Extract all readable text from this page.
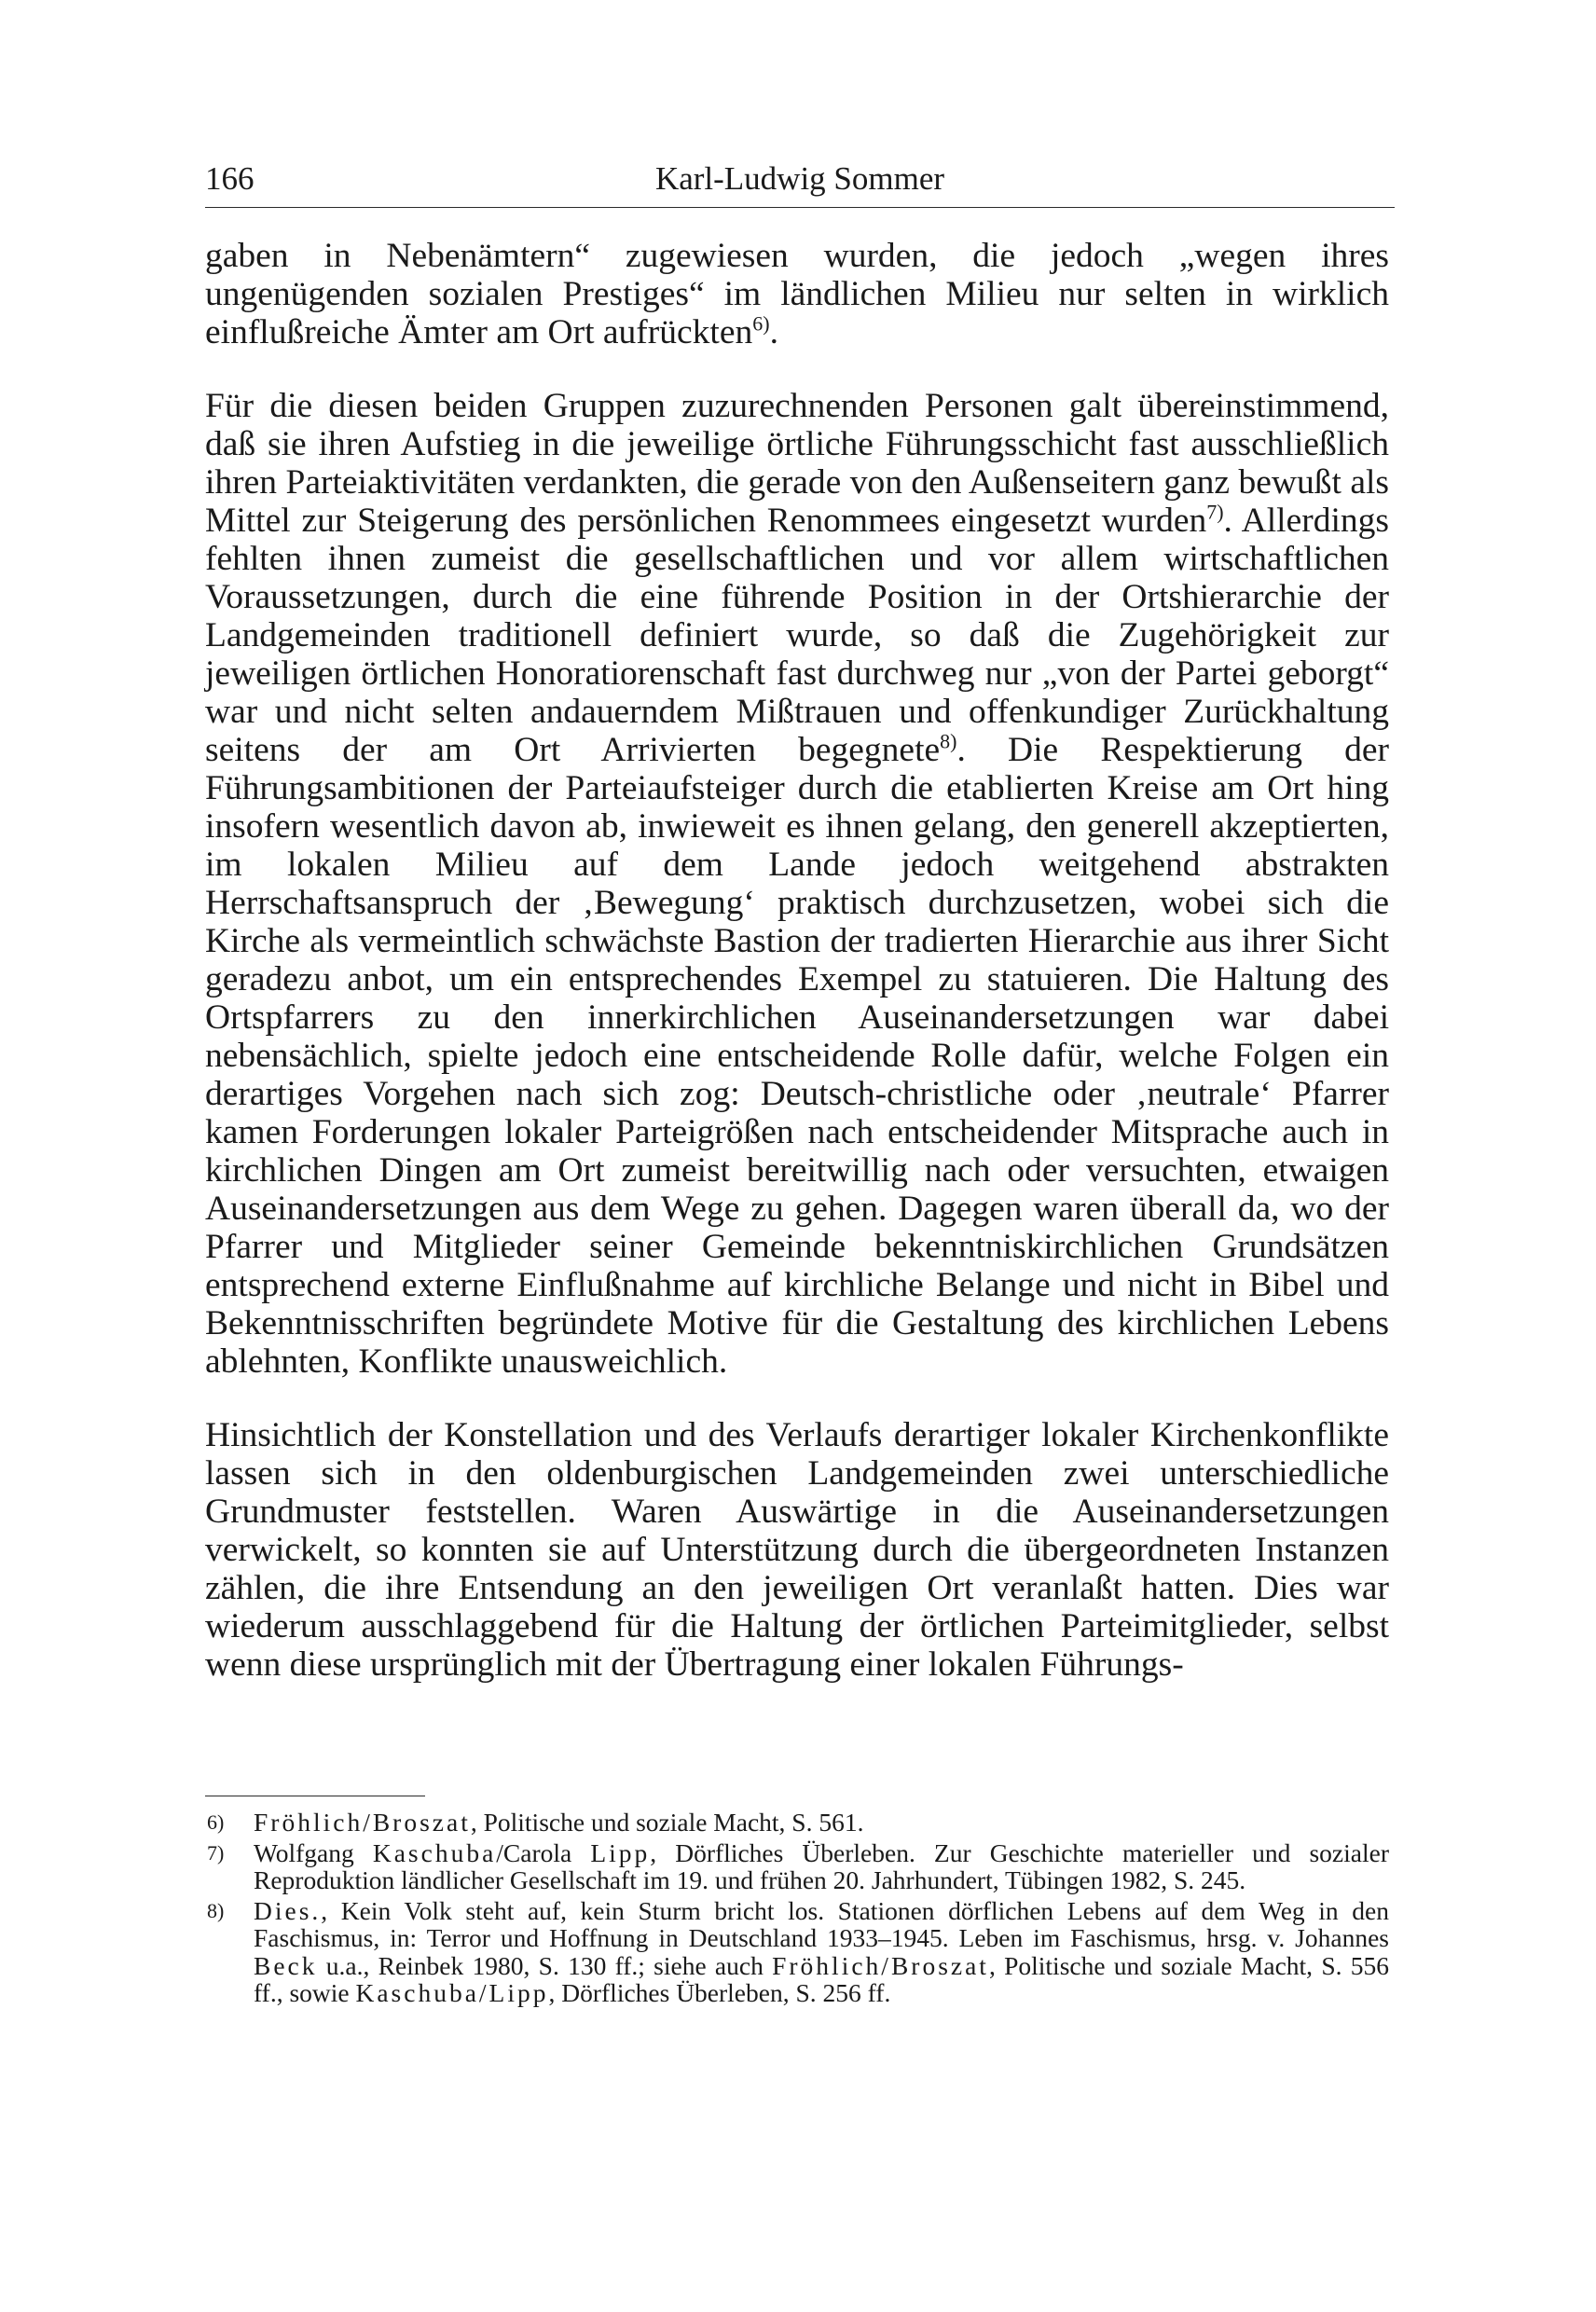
166	Karl-Ludwig Sommer

gaben in Nebenämtern“ zugewiesen wurden, die jedoch „wegen ihres ungenügenden sozialen Prestiges“ im ländlichen Milieu nur selten in wirklich einflußreiche Ämter am Ort aufrückten$^{6)}$.

Für die diesen beiden Gruppen zuzurechnenden Personen galt übereinstimmend, daß sie ihren Aufstieg in die jeweilige örtliche Führungsschicht fast ausschließlich ihren Parteiaktivitäten verdankten, die gerade von den Außenseitern ganz bewußt als Mittel zur Steigerung des persönlichen Renommees eingesetzt wurden$^{7)}$. Allerdings fehlten ihnen zumeist die gesellschaftlichen und vor allem wirtschaftlichen Voraussetzungen, durch die eine führende Position in der Ortshierarchie der Landgemeinden traditionell definiert wurde, so daß die Zugehörigkeit zur jeweiligen örtlichen Honoratiorenschaft fast durchweg nur „von der Partei geborgt“ war und nicht selten andauerndem Mißtrauen und offenkundiger Zurückhaltung seitens der am Ort Arrivierten begegnete$^{8)}$. Die Respektierung der Führungsambitionen der Parteiaufsteiger durch die etablierten Kreise am Ort hing insofern wesentlich davon ab, inwieweit es ihnen gelang, den generell akzeptierten, im lokalen Milieu auf dem Lande jedoch weitgehend abstrakten Herrschaftsanspruch der ‚Bewegung‘ praktisch durchzusetzen, wobei sich die Kirche als vermeintlich schwächste Bastion der tradierten Hierarchie aus ihrer Sicht geradezu anbot, um ein entsprechendes Exempel zu statuieren. Die Haltung des Ortspfarrers zu den innerkirchlichen Auseinandersetzungen war dabei nebensächlich, spielte jedoch eine entscheidende Rolle dafür, welche Folgen ein derartiges Vorgehen nach sich zog: Deutsch-christliche oder ‚neutrale‘ Pfarrer kamen Forderungen lokaler Parteigrößen nach entscheidender Mitsprache auch in kirchlichen Dingen am Ort zumeist bereitwillig nach oder versuchten, etwaigen Auseinandersetzungen aus dem Wege zu gehen. Dagegen waren überall da, wo der Pfarrer und Mitglieder seiner Gemeinde bekenntniskirchlichen Grundsätzen entsprechend externe Einflußnahme auf kirchliche Belange und nicht in Bibel und Bekenntnisschriften begründete Motive für die Gestaltung des kirchlichen Lebens ablehnten, Konflikte unausweichlich.

Hinsichtlich der Konstellation und des Verlaufs derartiger lokaler Kirchenkonflikte lassen sich in den oldenburgischen Landgemeinden zwei unterschiedliche Grundmuster feststellen. Waren Auswärtige in die Auseinandersetzungen verwickelt, so konnten sie auf Unterstützung durch die übergeordneten Instanzen zählen, die ihre Entsendung an den jeweiligen Ort veranlaßt hatten. Dies war wiederum ausschlaggebend für die Haltung der örtlichen Parteimitglieder, selbst wenn diese ursprünglich mit der Übertragung einer lokalen Führungs-

6) Fröhlich/Broszat, Politische und soziale Macht, S. 561.

7) Wolfgang Kaschuba/Carola Lipp, Dörfliches Überleben. Zur Geschichte materieller und sozialer Reproduktion ländlicher Gesellschaft im 19. und frühen 20. Jahrhundert, Tübingen 1982, S. 245.

8) Dies., Kein Volk steht auf, kein Sturm bricht los. Stationen dörflichen Lebens auf dem Weg in den Faschismus, in: Terror und Hoffnung in Deutschland 1933–1945. Leben im Faschismus, hrsg. v. Johannes Beck u.a., Reinbek 1980, S. 130 ff.; siehe auch Fröhlich/Broszat, Politische und soziale Macht, S. 556 ff., sowie Kaschuba/Lipp, Dörfliches Überleben, S. 256 ff.
